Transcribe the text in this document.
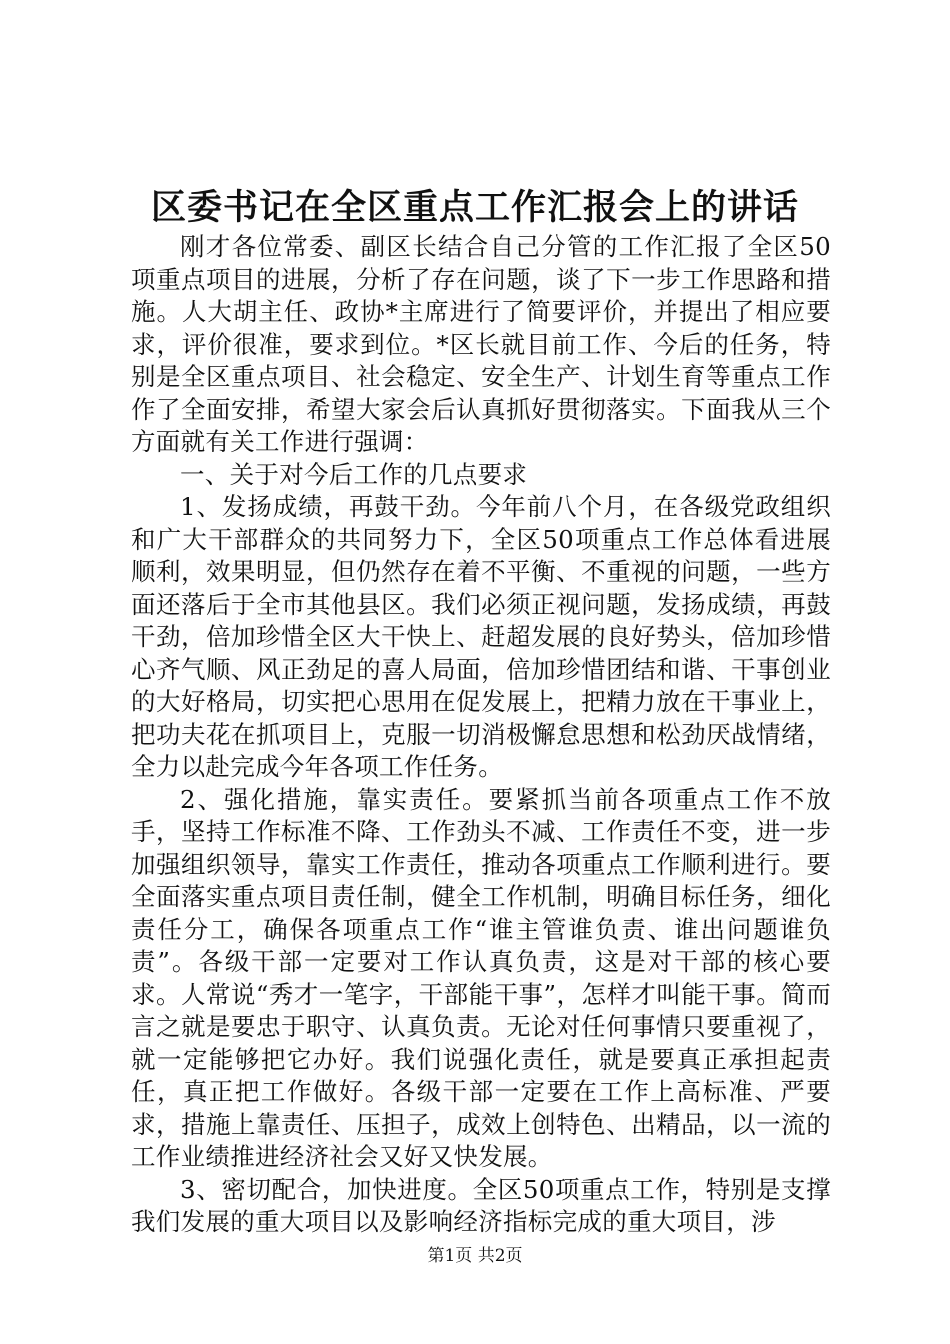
区委书记在全区重点工作汇报会上的讲话

刚才各位常委、副区长结合自己分管的工作汇报了全区50项重点项目的进展，分析了存在问题，谈了下一步工作思路和措施。人大胡主任、政协*主席进行了简要评价，并提出了相应要求，评价很准，要求到位。*区长就目前工作、今后的任务，特别是全区重点项目、社会稳定、安全生产、计划生育等重点工作作了全面安排，希望大家会后认真抓好贯彻落实。下面我从三个方面就有关工作进行强调：

一、关于对今后工作的几点要求

1、发扬成绩，再鼓干劲。今年前八个月，在各级党政组织和广大干部群众的共同努力下，全区50项重点工作总体看进展顺利，效果明显，但仍然存在着不平衡、不重视的问题，一些方面还落后于全市其他县区。我们必须正视问题，发扬成绩，再鼓干劲，倍加珍惜全区大干快上、赶超发展的良好势头，倍加珍惜心齐气顺、风正劲足的喜人局面，倍加珍惜团结和谐、干事创业的大好格局，切实把心思用在促发展上，把精力放在干事业上，把功夫花在抓项目上，克服一切消极懈怠思想和松劲厌战情绪，全力以赴完成今年各项工作任务。

2、强化措施，靠实责任。要紧抓当前各项重点工作不放手，坚持工作标准不降、工作劲头不减、工作责任不变，进一步加强组织领导，靠实工作责任，推动各项重点工作顺利进行。要全面落实重点项目责任制，健全工作机制，明确目标任务，细化责任分工，确保各项重点工作“谁主管谁负责、谁出问题谁负责”。各级干部一定要对工作认真负责，这是对干部的核心要求。人常说“秀才一笔字，干部能干事”，怎样才叫能干事。简而言之就是要忠于职守、认真负责。无论对任何事情只要重视了，就一定能够把它办好。我们说强化责任，就是要真正承担起责任，真正把工作做好。各级干部一定要在工作上高标准、严要求，措施上靠责任、压担子，成效上创特色、出精品，以一流的工作业绩推进经济社会又好又快发展。

3、密切配合，加快进度。全区50项重点工作，特别是支撑我们发展的重大项目以及影响经济指标完成的重大项目，涉

第1页 共2页
